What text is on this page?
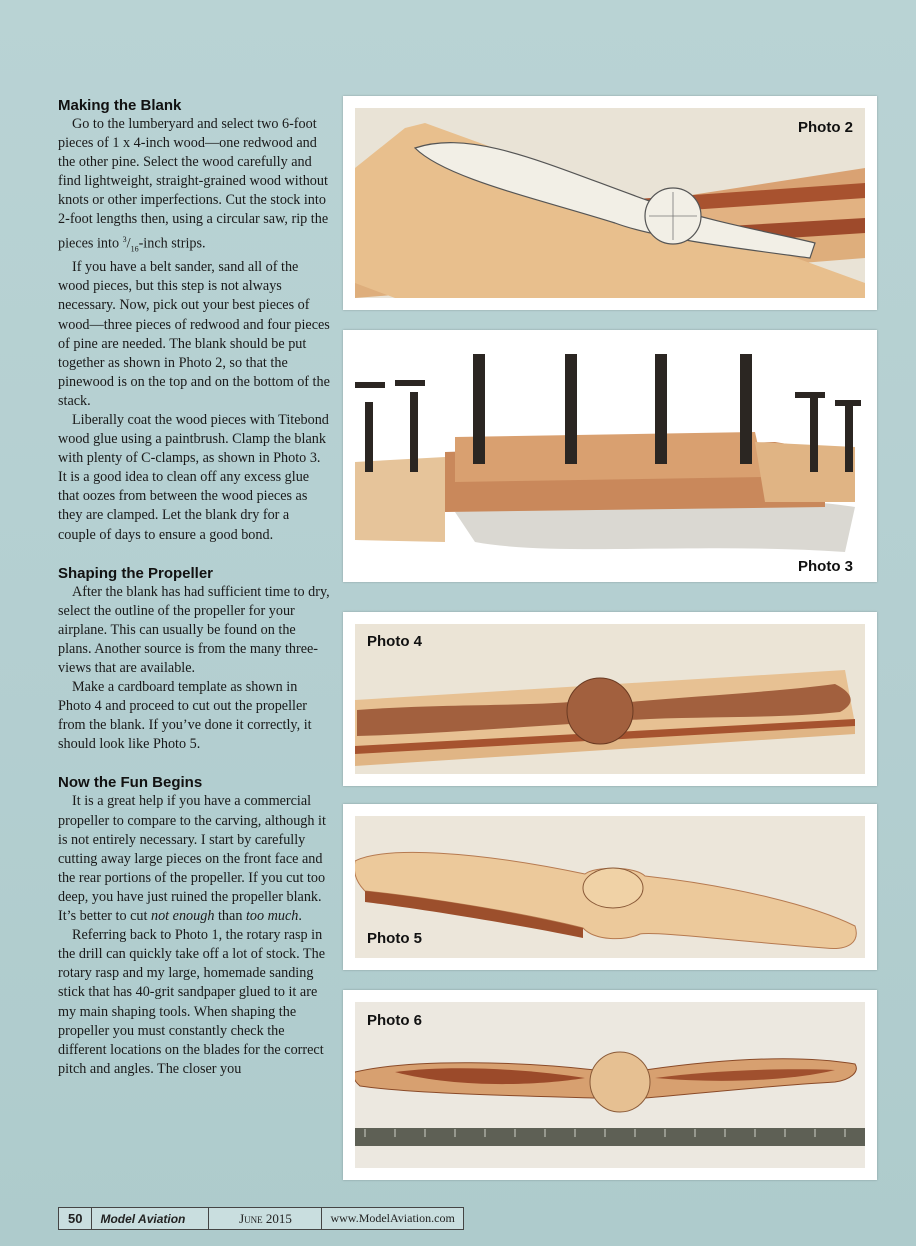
Making the Blank

Go to the lumberyard and select two 6-foot pieces of 1 x 4-inch wood—one redwood and the other pine. Select the wood carefully and find lightweight, straight-grained wood without knots or other imperfections. Cut the stock into 2-foot lengths then, using a circular saw, rip the pieces into $^3/_{16}$-inch strips.

If you have a belt sander, sand all of the wood pieces, but this step is not always necessary. Now, pick out your best pieces of wood—three pieces of redwood and four pieces of pine are needed. The blank should be put together as shown in Photo 2, so that the pinewood is on the top and on the bottom of the stack.

Liberally coat the wood pieces with Titebond wood glue using a paintbrush. Clamp the blank with plenty of C-clamps, as shown in Photo 3. It is a good idea to clean off any excess glue that oozes from between the wood pieces as they are clamped. Let the blank dry for a couple of days to ensure a good bond.

Shaping the Propeller

After the blank has had sufficient time to dry, select the outline of the propeller for your airplane. This can usually be found on the plans. Another source is from the many three-views that are available.

Make a cardboard template as shown in Photo 4 and proceed to cut out the propeller from the blank. If you’ve done it correctly, it should look like Photo 5.

Now the Fun Begins

It is a great help if you have a commercial propeller to compare to the carving, although it is not entirely necessary. I start by carefully cutting away large pieces on the front face and the rear portions of the propeller. If you cut too deep, you have just ruined the propeller blank. It’s better to cut not enough than too much.

Referring back to Photo 1, the rotary rasp in the drill can quickly take off a lot of stock. The rotary rasp and my large, homemade sanding stick that has 40-grit sandpaper glued to it are my main shaping tools. When shaping the propeller you must constantly check the different locations on the blades for the correct pitch and angles. The closer you

Photo 2
Photo 3
Photo 4
Photo 5
Photo 6
50	Model Aviation	June 2015	www.ModelAviation.com
